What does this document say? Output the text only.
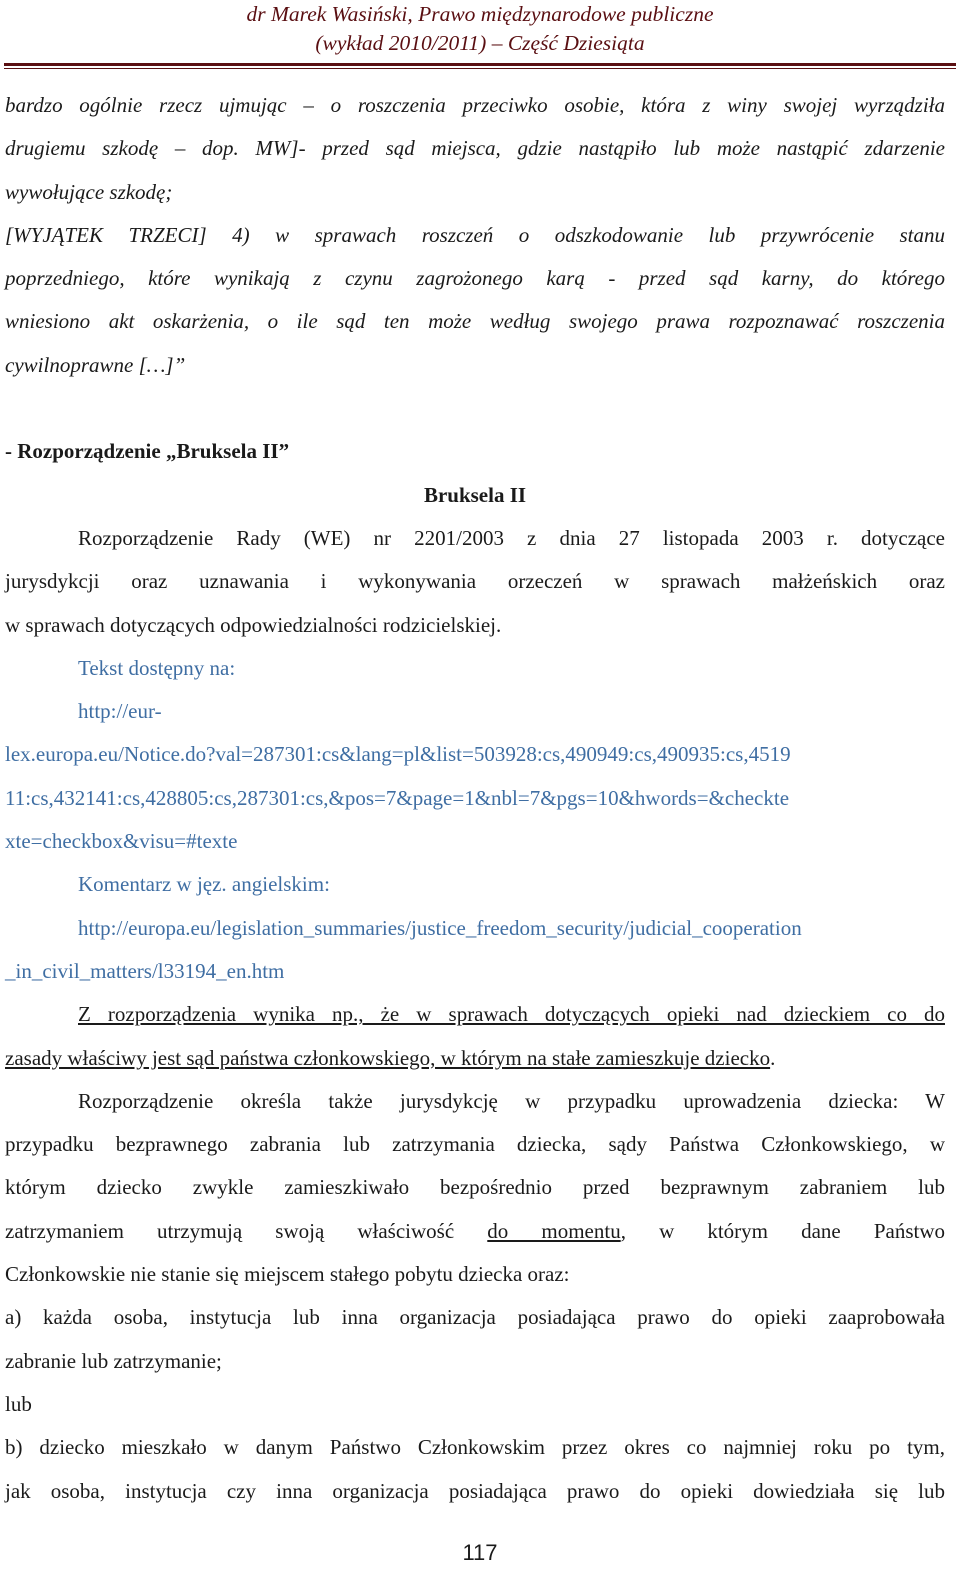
dr Marek Wasiński, Prawo międzynarodowe publiczne
(wykład 2010/2011) – Część Dziesiąta

bardzo ogólnie rzecz ujmując – o roszczenia przeciwko osobie, która z winy swojej wyrządziła

drugiemu szkodę – dop. MW]- przed sąd miejsca, gdzie nastąpiło lub może nastąpić zdarzenie

wywołujące szkodę;

[WYJĄTEK TRZECI] 4) w sprawach roszczeń o odszkodowanie lub przywrócenie stanu

poprzedniego, które wynikają z czynu zagrożonego karą - przed sąd karny, do którego

wniesiono akt oskarżenia, o ile sąd ten może według swojego prawa rozpoznawać roszczenia

cywilnoprawne […]”

- Rozporządzenie „Bruksela II”

Bruksela II

Rozporządzenie Rady (WE) nr 2201/2003 z dnia 27 listopada 2003 r. dotyczące

jurysdykcji oraz uznawania i wykonywania orzeczeń w sprawach małżeńskich oraz

w sprawach dotyczących odpowiedzialności rodzicielskiej.

Tekst dostępny na:

http://eur-

lex.europa.eu/Notice.do?val=287301:cs&lang=pl&list=503928:cs,490949:cs,490935:cs,4519

11:cs,432141:cs,428805:cs,287301:cs,&pos=7&page=1&nbl=7&pgs=10&hwords=&checkte

xte=checkbox&visu=#texte

Komentarz w jęz. angielskim:

http://europa.eu/legislation_summaries/justice_freedom_security/judicial_cooperation

_in_civil_matters/l33194_en.htm

Z rozporządzenia wynika np., że w sprawach dotyczących opieki nad dzieckiem co do

zasady właściwy jest sąd państwa członkowskiego, w którym na stałe zamieszkuje dziecko.

Rozporządzenie określa także jurysdykcję w przypadku uprowadzenia dziecka: W

przypadku bezprawnego zabrania lub zatrzymania dziecka, sądy Państwa Członkowskiego, w

którym dziecko zwykle zamieszkiwało bezpośrednio przed bezprawnym zabraniem lub

zatrzymaniem utrzymują swoją właściwość do momentu, w którym dane Państwo

Członkowskie nie stanie się miejscem stałego pobytu dziecka oraz:

a) każda osoba, instytucja lub inna organizacja posiadająca prawo do opieki zaaprobowała

zabranie lub zatrzymanie;

lub

b) dziecko mieszkało w danym Państwo Członkowskim przez okres co najmniej roku po tym,

jak osoba, instytucja czy inna organizacja posiadająca prawo do opieki dowiedziała się lub

117
